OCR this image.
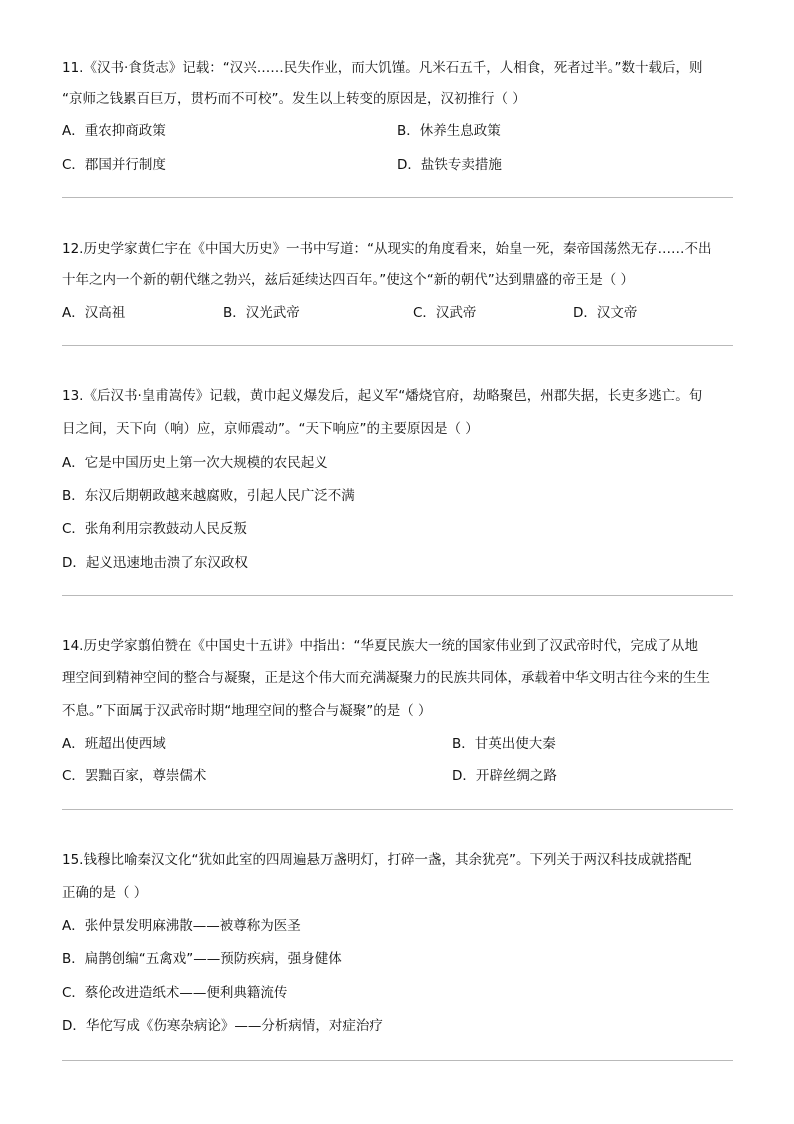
11.《汉书·食货志》记载：“汉兴……民失作业，而大饥馑。凡米石五千，人相食，死者过半。”数十载后，则
“京师之钱累百巨万，贯朽而不可校”。发生以上转变的原因是，汉初推行（ ）
A．重农抑商政策	B．休养生息政策
C．郡国并行制度	D．盐铁专卖措施
12.历史学家黄仁宇在《中国大历史》一书中写道：“从现实的角度看来，始皇一死，秦帝国荡然无存……不出
十年之内一个新的朝代继之勃兴，兹后延续达四百年。”使这个“新的朝代”达到鼎盛的帝王是（ ）
A．汉高祖	B．汉光武帝	C．汉武帝	D．汉文帝
13.《后汉书·皇甫嵩传》记载，黄巾起义爆发后，起义军“燔烧官府，劫略聚邑，州郡失据，长吏多逃亡。旬
日之间，天下向（响）应，京师震动”。“天下响应”的主要原因是（ ）
A．它是中国历史上第一次大规模的农民起义
B．东汉后期朝政越来越腐败，引起人民广泛不满
C．张角利用宗教鼓动人民反叛
D．起义迅速地击溃了东汉政权
14.历史学家翦伯赞在《中国史十五讲》中指出：“华夏民族大一统的国家伟业到了汉武帝时代，完成了从地
理空间到精神空间的整合与凝聚，正是这个伟大而充满凝聚力的民族共同体，承载着中华文明古往今来的生生
不息。”下面属于汉武帝时期“地理空间的整合与凝聚”的是（ ）
A．班超出使西域	B．甘英出使大秦
C．罢黜百家，尊崇儒术	D．开辟丝绸之路
15.钱穆比喻秦汉文化“犹如此室的四周遍悬万盏明灯，打碎一盏，其余犹亮”。下列关于两汉科技成就搭配
正确的是（ ）
A．张仲景发明麻沸散——被尊称为医圣
B．扁鹊创编“五禽戏”——预防疾病，强身健体
C．蔡伦改进造纸术——便利典籍流传
D．华佗写成《伤寒杂病论》——分析病情，对症治疗
